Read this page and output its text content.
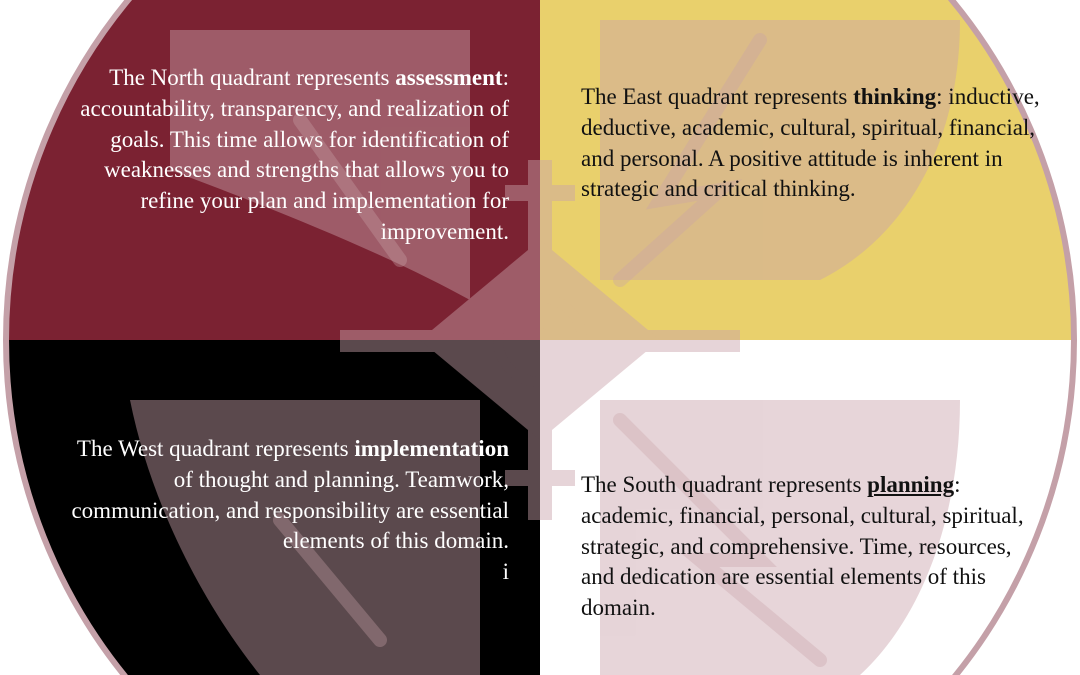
The North quadrant represents assessment: accountability, transparency, and realization of goals. This time allows for identification of weaknesses and strengths that allows you to refine your plan and implementation for improvement.

The East quadrant represents thinking: inductive, deductive, academic, cultural, spiritual, financial, and personal. A positive attitude is inherent in strategic and critical thinking.

The West quadrant represents implementation of thought and planning. Teamwork, communication, and responsibility are essential elements of this domain.
i

The South quadrant represents planning: academic, financial, personal, cultural, spiritual, strategic, and comprehensive. Time, resources, and dedication are essential elements of this domain.
